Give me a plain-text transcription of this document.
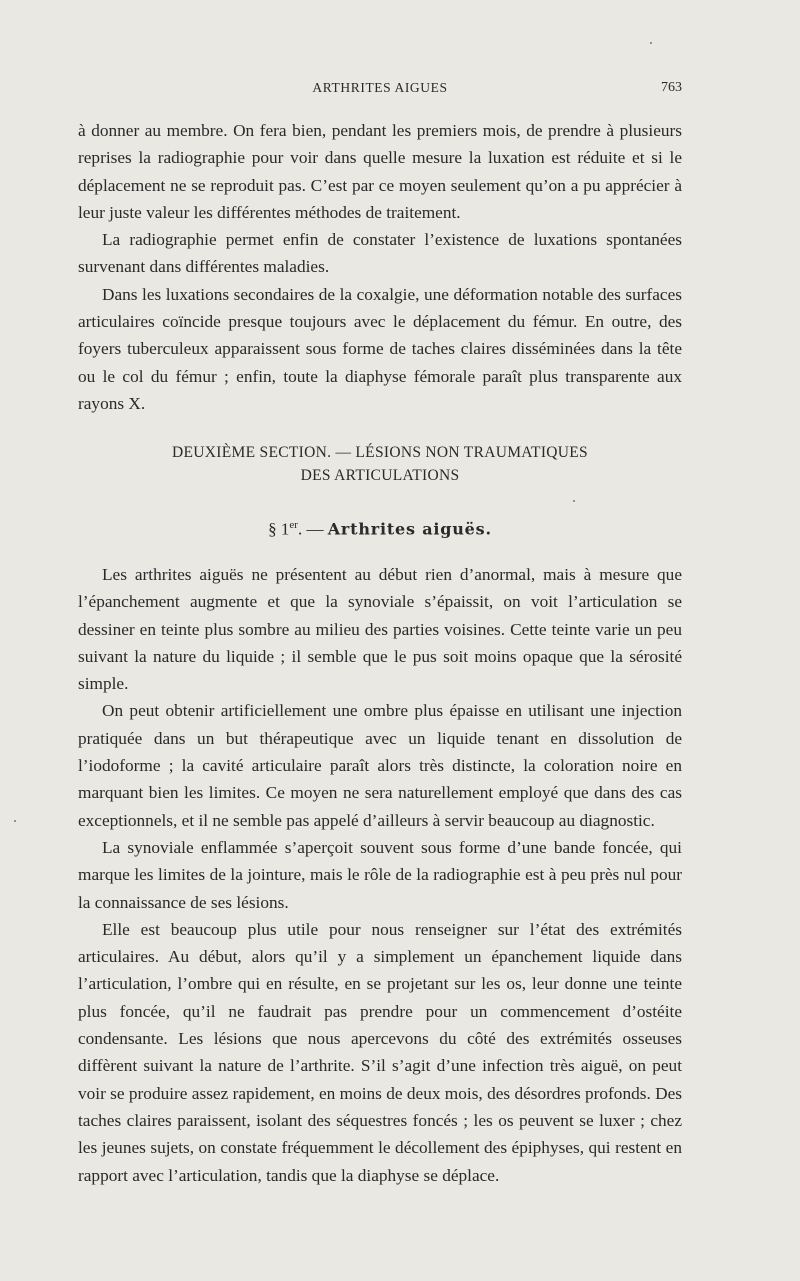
ARTHRITES AIGUES	763

à donner au membre. On fera bien, pendant les premiers mois, de prendre à plusieurs reprises la radiographie pour voir dans quelle mesure la luxation est réduite et si le déplacement ne se reproduit pas. C’est par ce moyen seulement qu’on a pu apprécier à leur juste valeur les différentes méthodes de traitement.

La radiographie permet enfin de constater l’existence de luxations spontanées survenant dans différentes maladies.

Dans les luxations secondaires de la coxalgie, une déformation notable des surfaces articulaires coïncide presque toujours avec le déplacement du fémur. En outre, des foyers tuberculeux apparaissent sous forme de taches claires disséminées dans la tête ou le col du fémur ; enfin, toute la diaphyse fémorale paraît plus transparente aux rayons X.

DEUXIÈME SECTION. — LÉSIONS NON TRAUMATIQUES
DES ARTICULATIONS
§ 1er. — Arthrites aiguës.

Les arthrites aiguës ne présentent au début rien d’anormal, mais à mesure que l’épanchement augmente et que la synoviale s’épaissit, on voit l’articulation se dessiner en teinte plus sombre au milieu des parties voisines. Cette teinte varie un peu suivant la nature du liquide ; il semble que le pus soit moins opaque que la sérosité simple.

On peut obtenir artificiellement une ombre plus épaisse en utilisant une injection pratiquée dans un but thérapeutique avec un liquide tenant en dissolution de l’iodoforme ; la cavité articulaire paraît alors très distincte, la coloration noire en marquant bien les limites. Ce moyen ne sera naturellement employé que dans des cas exceptionnels, et il ne semble pas appelé d’ailleurs à servir beaucoup au diagnostic.

La synoviale enflammée s’aperçoit souvent sous forme d’une bande foncée, qui marque les limites de la jointure, mais le rôle de la radiographie est à peu près nul pour la connaissance de ses lésions.

Elle est beaucoup plus utile pour nous renseigner sur l’état des extrémités articulaires. Au début, alors qu’il y a simplement un épanchement liquide dans l’articulation, l’ombre qui en résulte, en se projetant sur les os, leur donne une teinte plus foncée, qu’il ne faudrait pas prendre pour un commencement d’ostéite condensante. Les lésions que nous apercevons du côté des extrémités osseuses diffèrent suivant la nature de l’arthrite. S’il s’agit d’une infection très aiguë, on peut voir se produire assez rapidement, en moins de deux mois, des désordres profonds. Des taches claires paraissent, isolant des séquestres foncés ; les os peuvent se luxer ; chez les jeunes sujets, on constate fréquemment le décollement des épiphyses, qui restent en rapport avec l’articulation, tandis que la diaphyse se déplace.
